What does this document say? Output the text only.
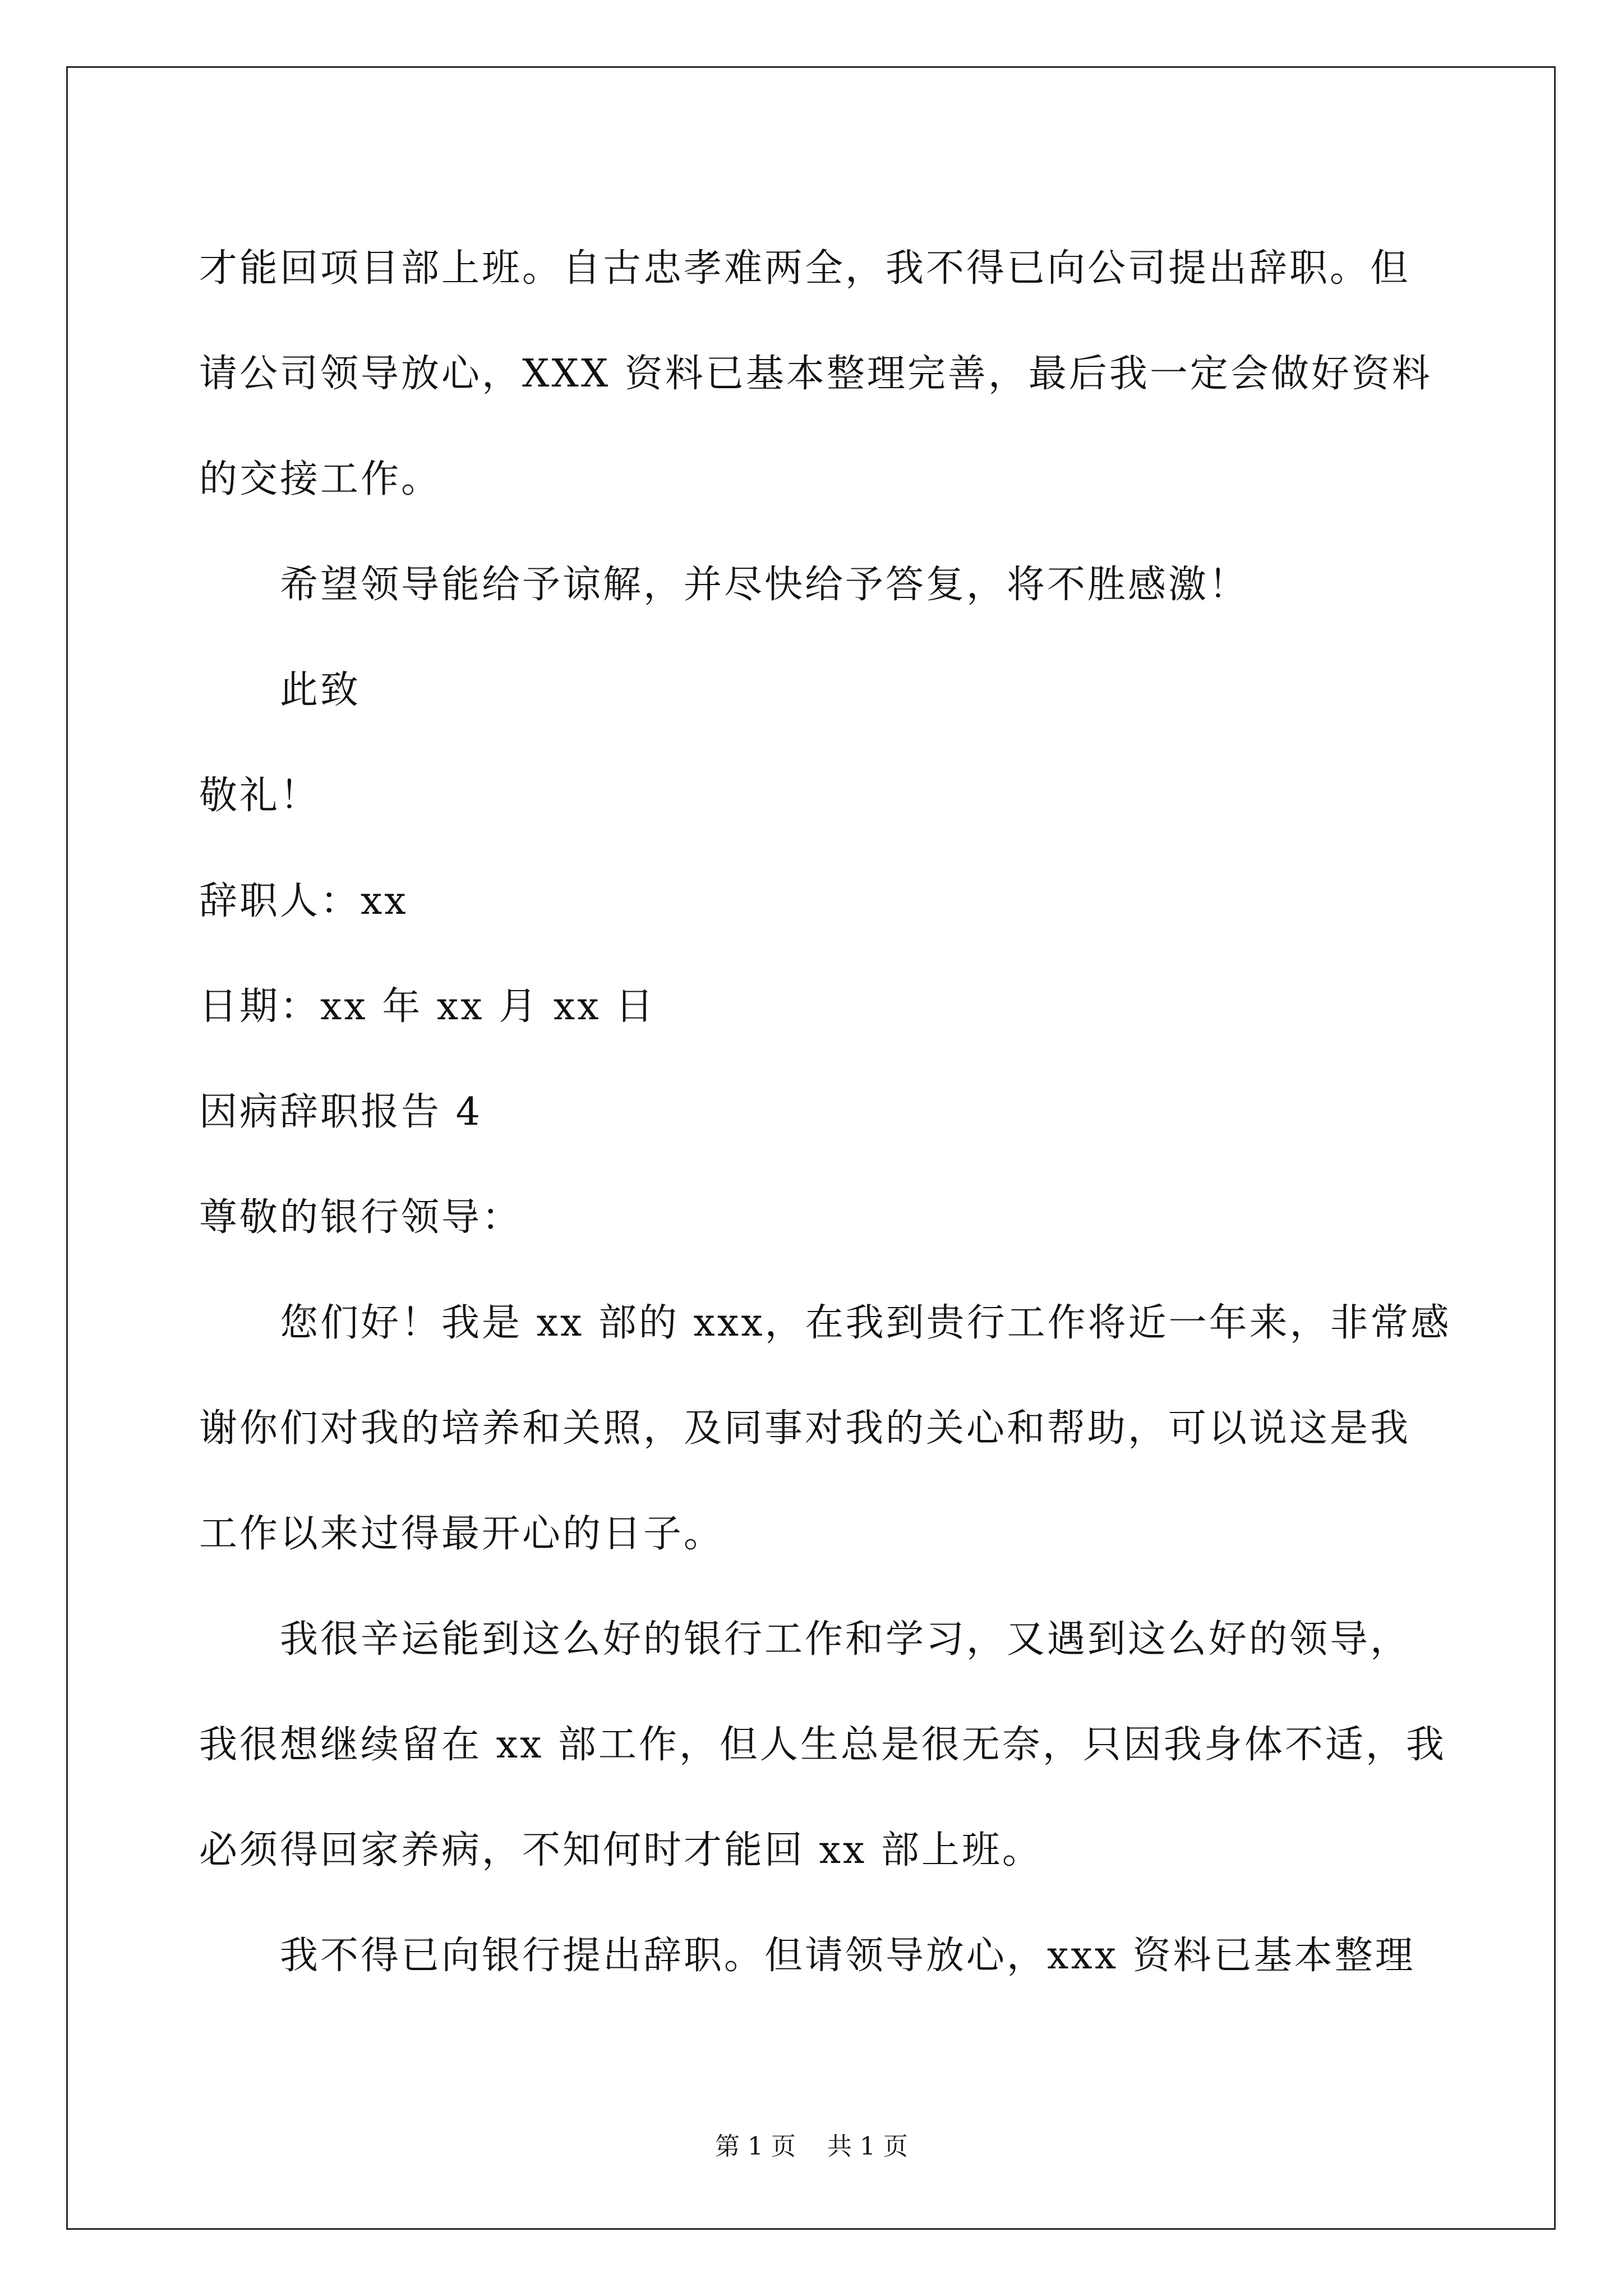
才能回项目部上班。自古忠孝难两全，我不得已向公司提出辞职。但

请公司领导放心，XXX 资料已基本整理完善，最后我一定会做好资料

的交接工作。

希望领导能给予谅解，并尽快给予答复，将不胜感激！

此致

敬礼！

辞职人：xx

日期：xx 年 xx 月 xx 日

因病辞职报告 4

尊敬的银行领导：

您们好！我是 xx 部的 xxx，在我到贵行工作将近一年来，非常感

谢你们对我的培养和关照，及同事对我的关心和帮助，可以说这是我

工作以来过得最开心的日子。

我很辛运能到这么好的银行工作和学习，又遇到这么好的领导，

我很想继续留在 xx 部工作，但人生总是很无奈，只因我身体不适，我

必须得回家养病，不知何时才能回 xx 部上班。

我不得已向银行提出辞职。但请领导放心，xxx 资料已基本整理

第 1 页    共 1 页
